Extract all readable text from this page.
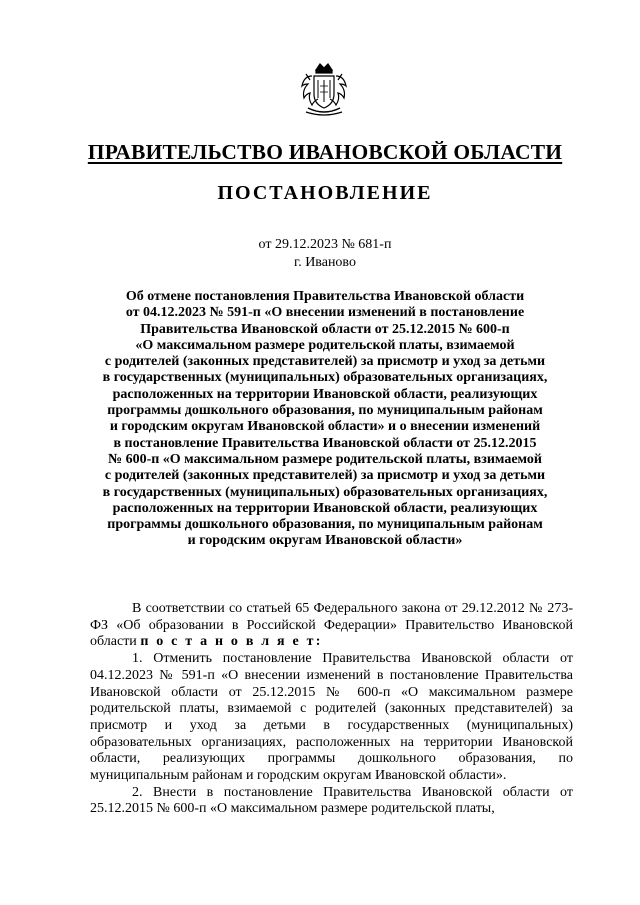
ПРАВИТЕЛЬСТВО ИВАНОВСКОЙ ОБЛАСТИ
ПОСТАНОВЛЕНИЕ
от 29.12.2023 № 681-п
г. Иваново
Об отмене постановления Правительства Ивановской области
от 04.12.2023 № 591-п «О внесении изменений в постановление
Правительства Ивановской области от 25.12.2015 № 600-п
«О максимальном размере родительской платы, взимаемой
с родителей (законных представителей) за присмотр и уход за детьми
в государственных (муниципальных) образовательных организациях,
расположенных на территории Ивановской области, реализующих
программы дошкольного образования, по муниципальным районам
и городским округам Ивановской области» и о внесении изменений
в постановление Правительства Ивановской области от 25.12.2015
№ 600-п «О максимальном размере родительской платы, взимаемой
с родителей (законных представителей) за присмотр и уход за детьми
в государственных (муниципальных) образовательных организациях,
расположенных на территории Ивановской области, реализующих
программы дошкольного образования, по муниципальным районам
и городским округам Ивановской области»

В соответствии со статьей 65 Федерального закона от 29.12.2012 № 273-ФЗ «Об образовании в Российской Федерации» Правительство Ивановской области п о с т а н о в л я е т:

1. Отменить постановление Правительства Ивановской области от 04.12.2023 № 591-п «О внесении изменений в постановление Правительства Ивановской области от 25.12.2015 № 600-п «О максимальном размере родительской платы, взимаемой с родителей (законных представителей) за присмотр и уход за детьми в государственных (муниципальных) образовательных организациях, расположенных на территории Ивановской области, реализующих программы дошкольного образования, по муниципальным районам и городским округам Ивановской области».

2. Внести в постановление Правительства Ивановской области от 25.12.2015 № 600-п «О максимальном размере родительской платы,
